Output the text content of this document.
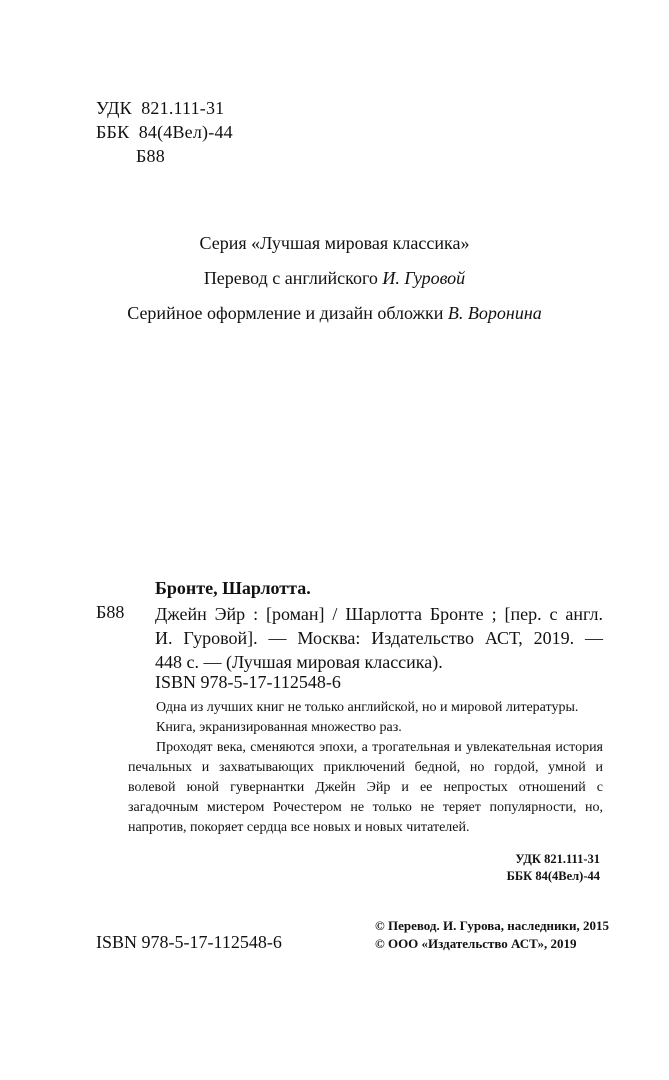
УДК 821.111-31
ББК 84(4Вел)-44
Б88
Серия «Лучшая мировая классика»
Перевод с английского И. Гуровой
Серийное оформление и дизайн обложки В. Воронина
Бронте, Шарлотта.
Б88 Джейн Эйр : [роман] / Шарлотта Бронте ; [пер. с англ.
И. Гуровой]. — Москва: Издательство АСТ, 2019. —
448 с. — (Лучшая мировая классика).
ISBN 978-5-17-112548-6

Одна из лучших книг не только английской, но и мировой литературы.

Книга, экранизированная множество раз.

Проходят века, сменяются эпохи, а трогательная и увлекательная история печальных и захватывающих приключений бедной, но гордой, умной и волевой юной гувернантки Джейн Эйр и ее непростых отношений с загадочным мистером Рочестером не только не теряет популярности, но, напротив, покоряет сердца все новых и новых читателей.

УДК 821.111-31
ББК 84(4Вел)-44
ISBN 978-5-17-112548-6
© Перевод. И. Гурова, наследники, 2015
© ООО «Издательство АСТ», 2019
